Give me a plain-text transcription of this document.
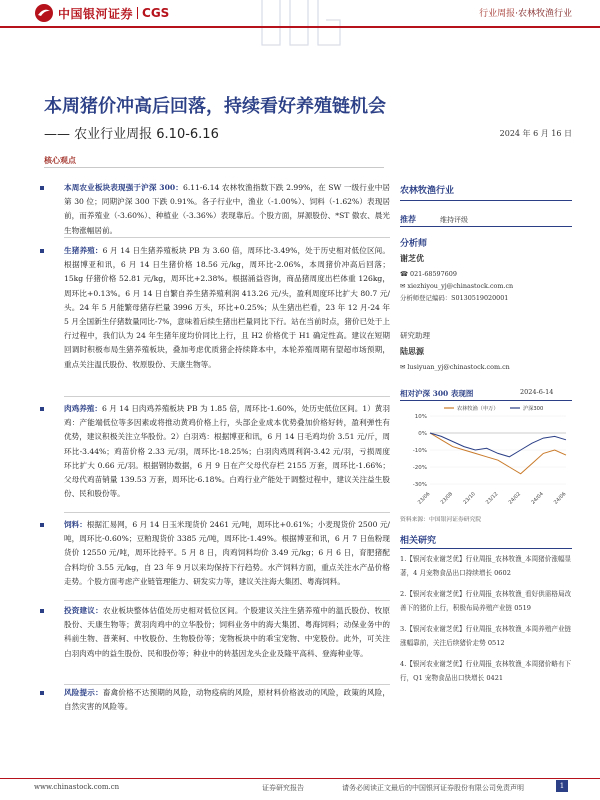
中国银河证券 CGS	行业周报·农林牧渔行业
本周猪价冲高后回落，持续看好养殖链机会
—— 农业行业周报 6.10-6.16	2024 年 6 月 16 日
核心观点
本周农业板块表现强于沪深 300：6.11-6.14 农林牧渔指数下跌 2.99%，在 SW 一级行业中居第 30 位；同期沪深 300 下跌 0.91%。各子行业中，渔业（-1.00%）、饲料（-1.62%）表现居前，而养殖业（-3.60%）、种植业（-3.36%）表现靠后。个股方面，屏源股份、*ST 傲农、晨光生物涨幅居前。
生猪养殖：6 月 14 日生猪养殖板块 PB 为 3.60 倍，周环比-3.49%，处于历史相对低位区间。根据博亚和讯，6 月 14 日生猪价格 18.56 元/kg，周环比-2.06%，本周猪价冲高后回落；15kg 仔猪价格 52.81 元/kg，周环比+2.38%。根据涌益咨询，商品猪周度出栏体重 126kg，周环比+0.13%。6 月 14 日自繁自养生猪养殖利润 413.26 元/头，盈利周度环比扩大 80.7 元/头。24 年 5 月能繁母猪存栏量 3996 万头，环比+0.25%；从生猪出栏看，23 年 12 月-24 年 5 月全国新生仔猪数量同比-7%，意味着后续生猪出栏量同比下行。站在当前时点，猪价已处于上行过程中，我们认为 24 年生猪年度均价同比上行，且 H2 价格优于 H1 确定性高。建议在短期回调时积极布局生猪养殖板块，叠加考虑优质猪企持续降本中，本轮养殖周期有望超市场预期，重点关注温氏股份、牧原股份、天康生物等。
肉鸡养殖：6 月 14 日肉鸡养殖板块 PB 为 1.85 倍，周环比-1.60%，处历史低位区间。1）黄羽鸡：产能端低位等多因素或将推动黄鸡价格上行，头部企业成本优势叠加价格好转，盈利弹性有优势，建议积极关注立华股份。2）白羽鸡：根据博亚和讯，6 月 14 日毛鸡均价 3.51 元/斤，周环比-3.44%；鸡苗价格 2.33 元/羽，周环比-18.25%；白羽肉鸡周利润-3.42 元/羽，亏损周度环比扩大 0.66 元/羽。根据钢协数据，6 月 9 日在产父母代存栏 2155 万套，周环比-1.66%；父母代鸡苗销量 139.53 万套，周环比-6.18%。白鸡行业产能处于调整过程中，建议关注益生股份、民和股份等。
饲料：根据汇易网，6 月 14 日玉米现货价 2461 元/吨，周环比+0.61%；小麦现货价 2500 元/吨，周环比-0.60%；豆粕现货价 3385 元/吨，周环比-1.49%。根据博亚和讯，6 月 7 日鱼粉现货价 12550 元/吨，周环比持平。5 月 8 日，肉鸡饲料均价 3.49 元/kg；6 月 6 日，育肥猪配合料均价 3.55 元/kg，自 23 年 9 月以来均保持下行趋势。水产饲料方面，重点关注水产品价格走势。个股方面考虑产业链管理能力、研发实力等，建议关注海大集团、粤海饲料。
投资建议：农业板块整体估值处历史相对低位区间。个股建议关注生猪养殖中的温氏股份、牧原股份、天康生物等；黄羽肉鸡中的立华股份；饲料业务中的海大集团、粤海饲料；动保业务中的科前生物、普莱柯、中牧股份、生物股份等；宠物板块中的乖宝宠物、中宠股份。此外，可关注白羽肉鸡中的益生股份、民和股份等；种业中的转基因龙头企业及隆平高科、登海种业等。
风险提示：畜禽价格不达预期的风险，动物疫病的风险，原材料价格波动的风险，政策的风险，自然灾害的风险等。
农林牧渔行业
推荐	维持评级
分析师
谢芝优
☎ 021-68597609
✉ xiezhiyou_yj@chinastock.com.cn
分析师登记编码：S0130519020001
研究助理
陆思源
✉ lusiyuan_yj@chinastock.com.cn
相对沪深 300 表现图	2024-6-14
10%
0%
-10%
-20%
-30%
23/06 23/08 23/10 23/12 24/02 24/04 24/06
农林牧渔（申万）	沪深300
资料来源：中国银河证券研究院
相关研究
1.【银河农业谢芝优】行业周报_农林牧渔_本周猪价涨幅显著，4 月宠物食品出口持续增长 0602
2.【银河农业谢芝优】行业周报_农林牧渔_看好供需格局改善下的猪价上行，积极布局养殖产业链 0519
3.【银河农业谢芝优】行业周报_农林牧渔_本周养殖产业链涨幅靠前，关注后续猪价走势 0512
4.【银河农业谢芝优】行业周报_农林牧渔_本周猪价略有下行，Q1 宠物食品出口快增长 0421
www.chinastock.com.cn	证券研究报告	请务必阅读正文最后的中国银河证券股份有限公司免责声明	1
